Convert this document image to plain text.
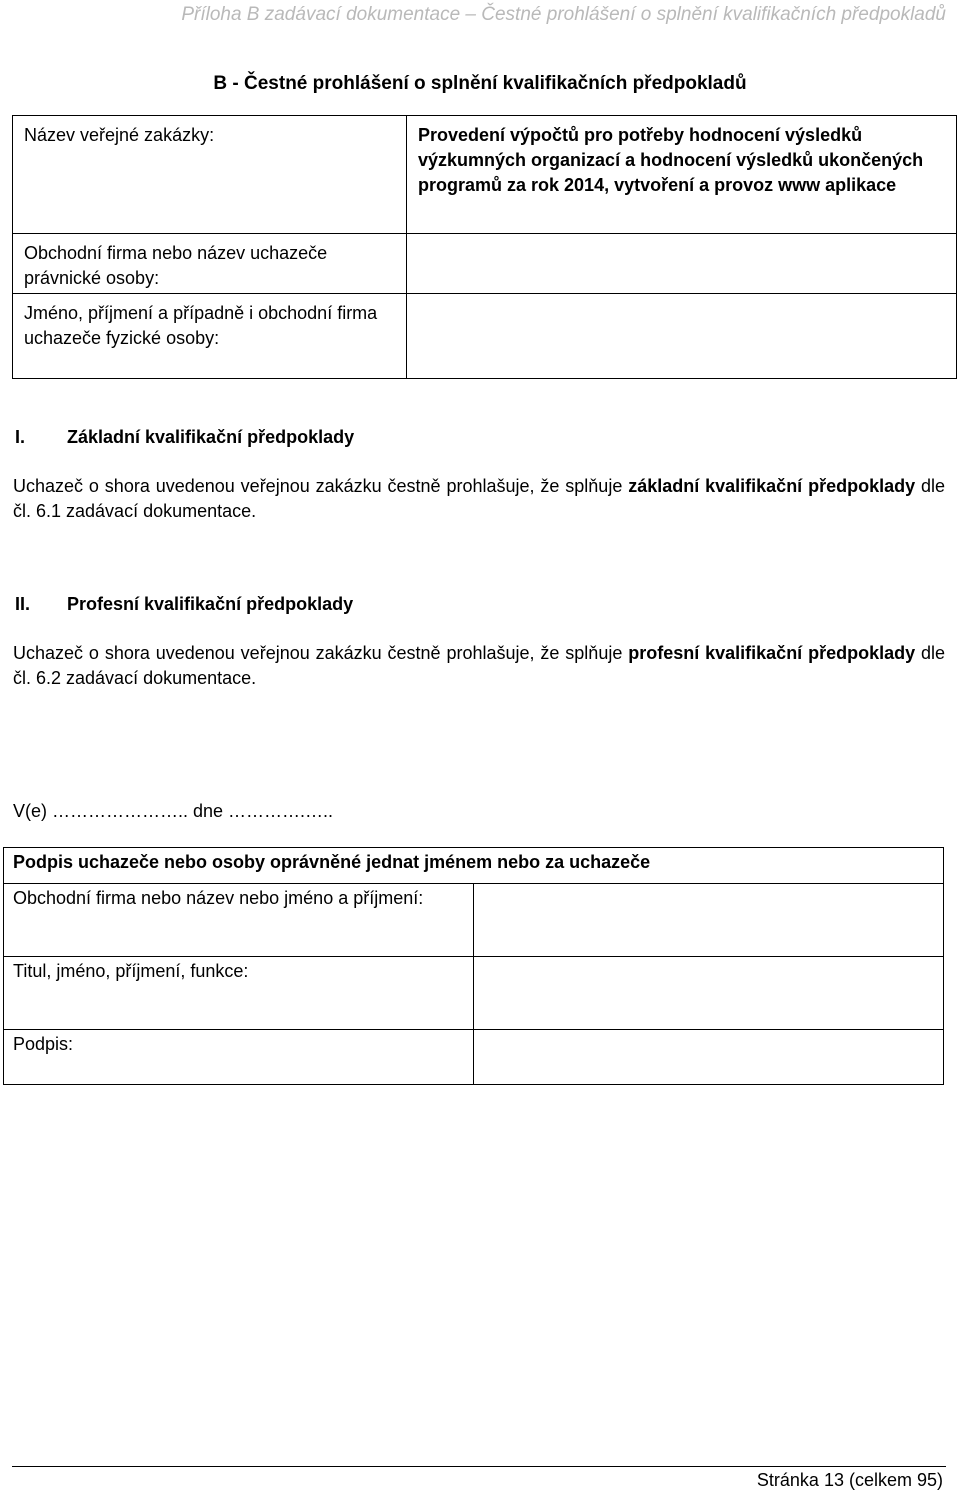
Příloha B zadávací dokumentace – Čestné prohlášení o splnění kvalifikačních předpokladů
B - Čestné prohlášení o splnění kvalifikačních předpokladů
Název veřejné zakázky:	Provedení výpočtů pro potřeby hodnocení výsledků výzkumných organizací a hodnocení výsledků ukončených programů za rok 2014, vytvoření a provoz www aplikace
Obchodní firma nebo název uchazeče právnické osoby:	
Jméno, příjmení a případně i obchodní firma uchazeče fyzické osoby:	
I. Základní kvalifikační předpoklady
Uchazeč o shora uvedenou veřejnou zakázku čestně prohlašuje, že splňuje základní kvalifikační předpoklady dle čl. 6.1 zadávací dokumentace.
II. Profesní kvalifikační předpoklady
Uchazeč o shora uvedenou veřejnou zakázku čestně prohlašuje, že splňuje profesní kvalifikační předpoklady dle čl. 6.2 zadávací dokumentace.
V(e) ………………….. dne ………….…..
Podpis uchazeče nebo osoby oprávněné jednat jménem nebo za uchazeče	
Obchodní firma nebo název nebo jméno a příjmení:	
Titul, jméno, příjmení, funkce:	
Podpis:	
Stránka 13 (celkem 95)
